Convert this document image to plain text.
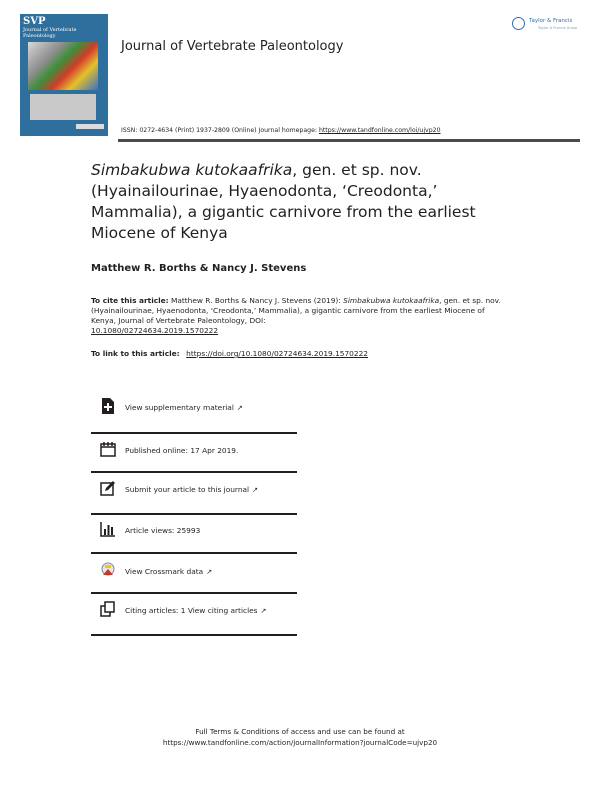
SVP
Journal of Vertebrate Paleontology
Journal of Vertebrate Paleontology
ISSN: 0272-4634 (Print) 1937-2809 (Online) Journal homepage: https://www.tandfonline.com/loi/ujvp20
Taylor & Francis
Taylor & Francis Group
Simbakubwa kutokaafrika, gen. et sp. nov. (Hyainailourinae, Hyaenodonta, ‘Creodonta,’ Mammalia), a gigantic carnivore from the earliest Miocene of Kenya
Matthew R. Borths & Nancy J. Stevens
To cite this article: Matthew R. Borths & Nancy J. Stevens (2019): Simbakubwa kutokaafrika, gen. et sp. nov. (Hyainailourinae, Hyaenodonta, ‘Creodonta,’ Mammalia), a gigantic carnivore from the earliest Miocene of Kenya, Journal of Vertebrate Paleontology, DOI:
10.1080/02724634.2019.1570222
To link to this article: https://doi.org/10.1080/02724634.2019.1570222
View supplementary material ↗
Published online: 17 Apr 2019.
Submit your article to this journal ↗
Article views: 25993
View Crossmark data ↗
Citing articles: 1 View citing articles ↗
Full Terms & Conditions of access and use can be found at
https://www.tandfonline.com/action/journalInformation?journalCode=ujvp20
